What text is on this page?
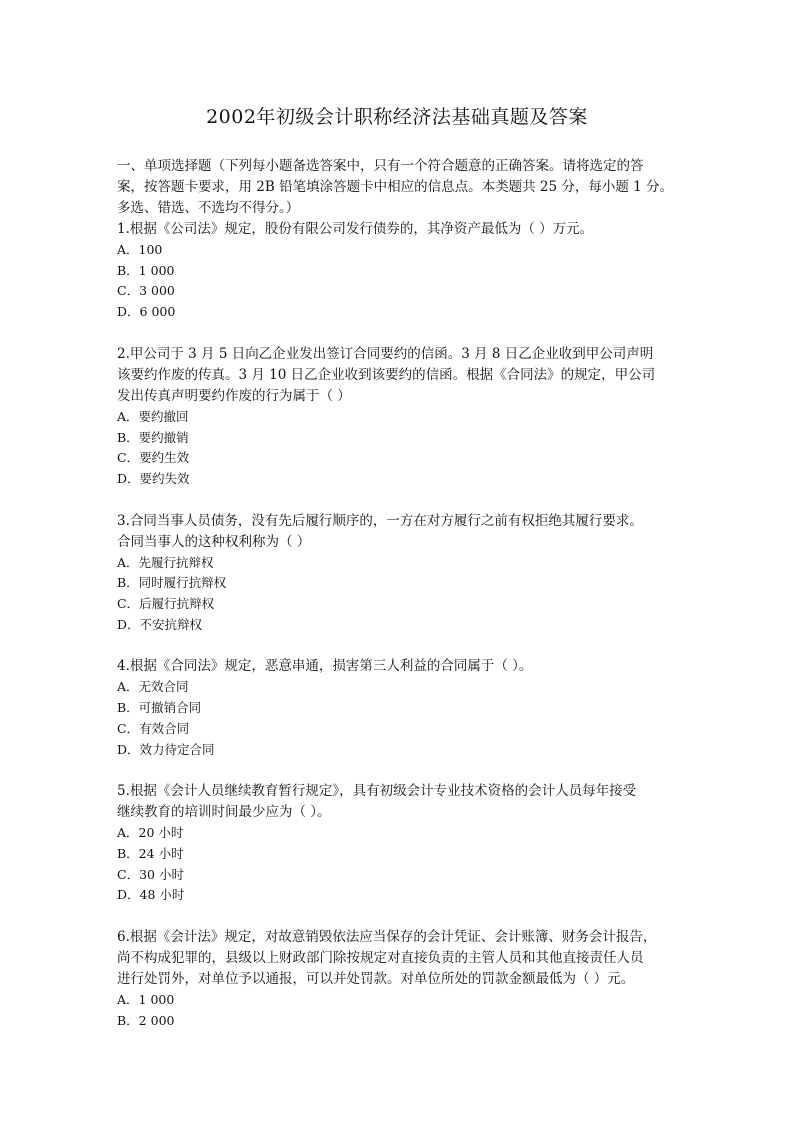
2002年初级会计职称经济法基础真题及答案

一、单项选择题（下列每小题备选答案中，只有一个符合题意的正确答案。请将选定的答

案，按答题卡要求，用 2B 铅笔填涂答题卡中相应的信息点。本类题共 25 分，每小题 1 分。

多选、错选、不选均不得分。）

1.根据《公司法》规定，股份有限公司发行债券的，其净资产最低为（ ）万元。

A．100

B．1 000

C．3 000

D．6 000

2.甲公司于 3 月 5 日向乙企业发出签订合同要约的信函。3 月 8 日乙企业收到甲公司声明

该要约作废的传真。3 月 10 日乙企业收到该要约的信函。根据《合同法》的规定，甲公司

发出传真声明要约作废的行为属于（ ）

A．要约撤回

B．要约撤销

C．要约生效

D．要约失效

3.合同当事人员债务，没有先后履行顺序的，一方在对方履行之前有权拒绝其履行要求。

合同当事人的这种权利称为（ ）

A．先履行抗辩权

B．同时履行抗辩权

C．后履行抗辩权

D．不安抗辩权

4.根据《合同法》规定，恶意串通，损害第三人利益的合同属于（ ）。

A．无效合同

B．可撤销合同

C．有效合同

D．效力待定合同

5.根据《会计人员继续教育暂行规定》，具有初级会计专业技术资格的会计人员每年接受

继续教育的培训时间最少应为（ ）。

A．20 小时

B．24 小时

C．30 小时

D．48 小时

6.根据《会计法》规定，对故意销毁依法应当保存的会计凭证、会计账簿、财务会计报告，

尚不构成犯罪的，县级以上财政部门除按规定对直接负责的主管人员和其他直接责任人员

进行处罚外，对单位予以通报，可以并处罚款。对单位所处的罚款金额最低为（ ）元。

A．1 000

B．2 000
